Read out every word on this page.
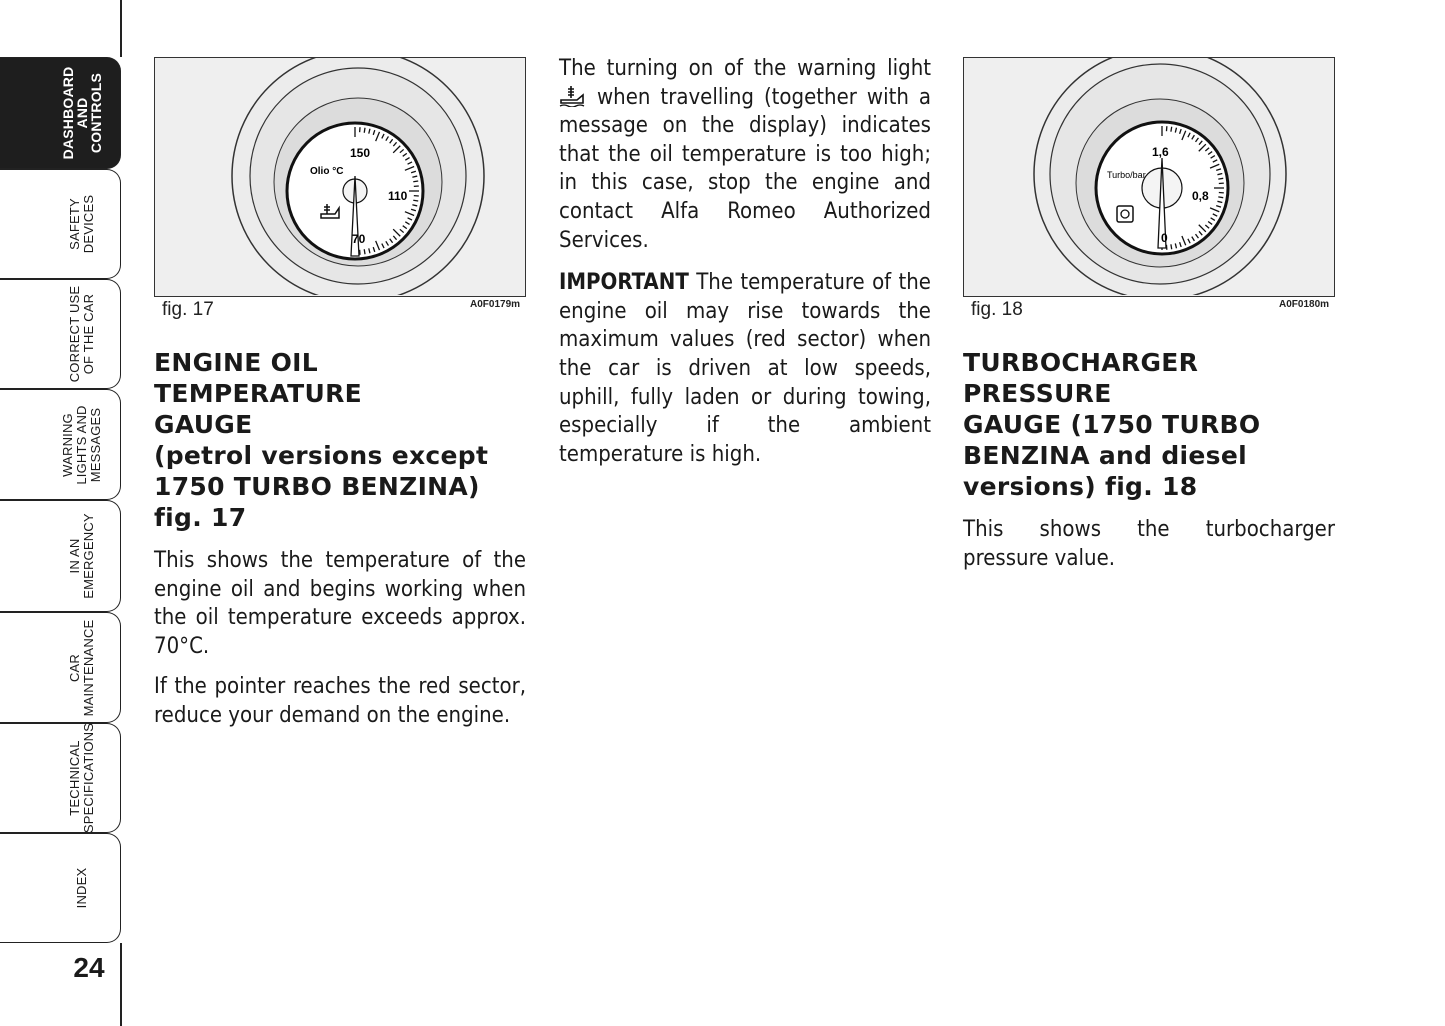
DASHBOARD
AND
CONTROLS
SAFETY
DEVICES
CORRECT USE
OF THE CAR
WARNING
LIGHTS AND
MESSAGES
IN AN
EMERGENCY
CAR
MAINTENANCE
TECHNICAL
SPECIFICATIONS
INDEX
24
150
110
70
Olio °C
fig. 17	A0F0179m
1,6
0,8
0
Turbo/bar
fig. 18	A0F0180m
ENGINE OIL TEMPERATURE
GAUGE
(petrol versions except
1750 TURBO BENZINA)
fig. 17

This shows the temperature of the engine oil and begins working when the oil temperature exceeds approx. 70°C.

If the pointer reaches the red sector, reduce your demand on the engine.

The turning on of the warning light  when travelling (together with a message on the display) indicates that the oil temperature is too high; in this case, stop the engine and contact Alfa Romeo Authorized Services.

IMPORTANT The temperature of the engine oil may rise towards the maximum values (red sector) when the car is driven at low speeds, uphill, fully laden or during towing, especially if the ambient temperature is high.

TURBOCHARGER PRESSURE
GAUGE (1750 TURBO
BENZINA and diesel
versions) fig. 18

This shows the turbocharger pressure value.
